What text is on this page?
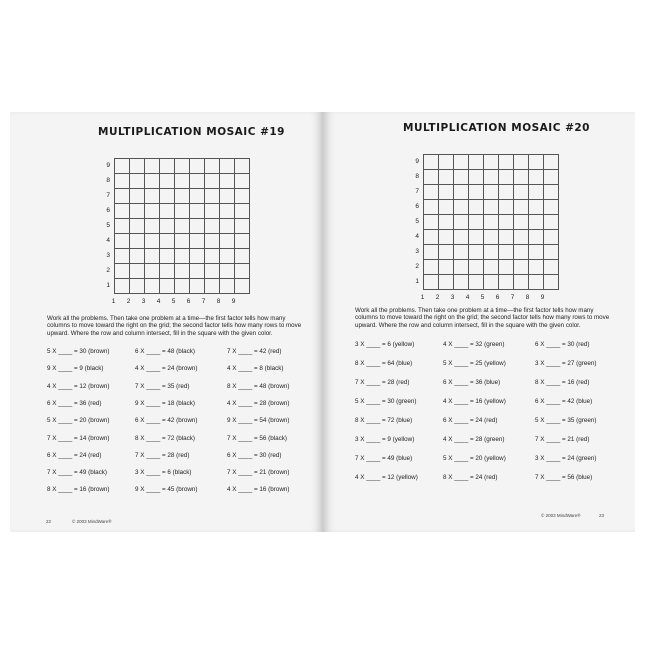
MULTIPLICATION MOSAIC #19
Work all the problems. Then take one problem at a time—the first factor tells how many columns to move toward the right on the grid; the second factor tells how many rows to move upward. Where the row and column intersect, fill in the square with the given color.
5 X ____ = 30 (brown)	6 X ____ = 48 (black)	7 X ____ = 42 (red)
9 X ____ = 9 (black)	4 X ____ = 24 (brown)	4 X ____ = 8 (black)
4 X ____ = 12 (brown)	7 X ____ = 35 (red)	8 X ____ = 48 (brown)
6 X ____ = 36 (red)	9 X ____ = 18 (black)	4 X ____ = 28 (brown)
5 X ____ = 20 (brown)	6 X ____ = 42 (brown)	9 X ____ = 54 (brown)
7 X ____ = 14 (brown)	8 X ____ = 72 (black)	7 X ____ = 56 (black)
6 X ____ = 24 (red)	7 X ____ = 28 (red)	6 X ____ = 30 (red)
7 X ____ = 49 (black)	3 X ____ = 6 (black)	7 X ____ = 21 (brown)
8 X ____ = 16 (brown)	9 X ____ = 45 (brown)	4 X ____ = 16 (brown)
22	© 2003 MindWare®
9
8
7
6
5
4
3
2
1
1	2	3	4	5	6	7	8	9
MULTIPLICATION MOSAIC #20
Work all the problems. Then take one problem at a time—the first factor tells how many columns to move toward the right on the grid; the second factor tells how many rows to move upward. Where the row and column intersect, fill in the square with the given color.
3 X ____ = 6 (yellow)	4 X ____ = 32 (green)	6 X ____ = 30 (red)
8 X ____ = 64 (blue)	5 X ____ = 25 (yellow)	3 X ____ = 27 (green)
7 X ____ = 28 (red)	6 X ____ = 36 (blue)	8 X ____ = 16 (red)
5 X ____ = 30 (green)	4 X ____ = 16 (yellow)	6 X ____ = 42 (blue)
8 X ____ = 72 (blue)	6 X ____ = 24 (red)	5 X ____ = 35 (green)
3 X ____ = 9 (yellow)	4 X ____ = 28 (green)	7 X ____ = 21 (red)
7 X ____ = 49 (blue)	5 X ____ = 20 (yellow)	3 X ____ = 24 (green)
4 X ____ = 12 (yellow)	8 X ____ = 24 (red)	7 X ____ = 56 (blue)
© 2003 MindWare®	23
9
8
7
6
5
4
3
2
1
1	2	3	4	5	6	7	8	9
